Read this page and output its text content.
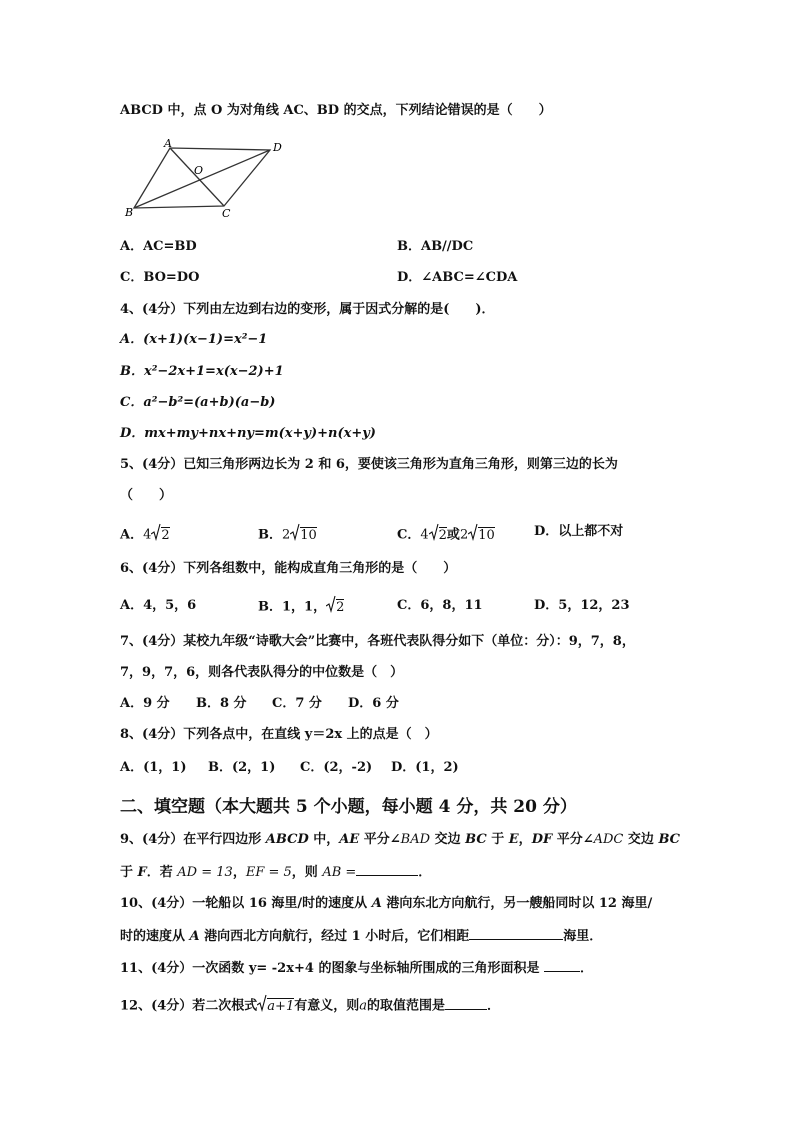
ABCD 中，点 O 为对角线 AC、BD 的交点，下列结论错误的是（　　）
A	D
B	C
O
A．AC=BD	B．AB//DC
C．BO=DO	D．∠ABC=∠CDA
4、(4分）下列由左边到右边的变形，属于因式分解的是(　　)．
A．(x+1)(x−1)=x²−1
B．x²−2x+1=x(x−2)+1
C．a²−b²=(a+b)(a−b)
D．mx+my+nx+ny=m(x+y)+n(x+y)
5、(4分）已知三角形两边长为 2 和 6，要使该三角形为直角三角形，则第三边的长为
（　　）
A．4 2	B．2 10	C．4 2或2 10	D．以上都不对
6、(4分）下列各组数中，能构成直角三角形的是（　　）
A．4，5，6	B．1，1， 2	C．6，8，11	D．5，12，23
7、(4分）某校九年级“诗歌大会”比赛中，各班代表队得分如下（单位：分）：9，7，8，
7，9，7，6，则各代表队得分的中位数是（　）
A．9 分 B．8 分 C．7 分 D．6 分
8、(4分）下列各点中，在直线 y＝2x 上的点是（　）
A．(1，1) B．(2，1) C．(2，-2) D．(1，2)
二、填空题（本大题共 5 个小题，每小题 4 分，共 20 分）
9、(4分）在平行四边形 ABCD 中，AE 平分∠BAD 交边 BC 于 E，DF 平分∠ADC 交边 BC
于 F．若 AD = 13，EF = 5，则 AB =	．
10、(4分）一轮船以 16 海里/时的速度从 A 港向东北方向航行，另一艘船同时以 12 海里/
时的速度从 A 港向西北方向航行，经过 1 小时后，它们相距	海里．
11、(4分）一次函数 y= -2x+4 的图象与坐标轴所围成的三角形面积是	．
12、(4分）若二次根式 a+1有意义，则a的取值范围是	．
